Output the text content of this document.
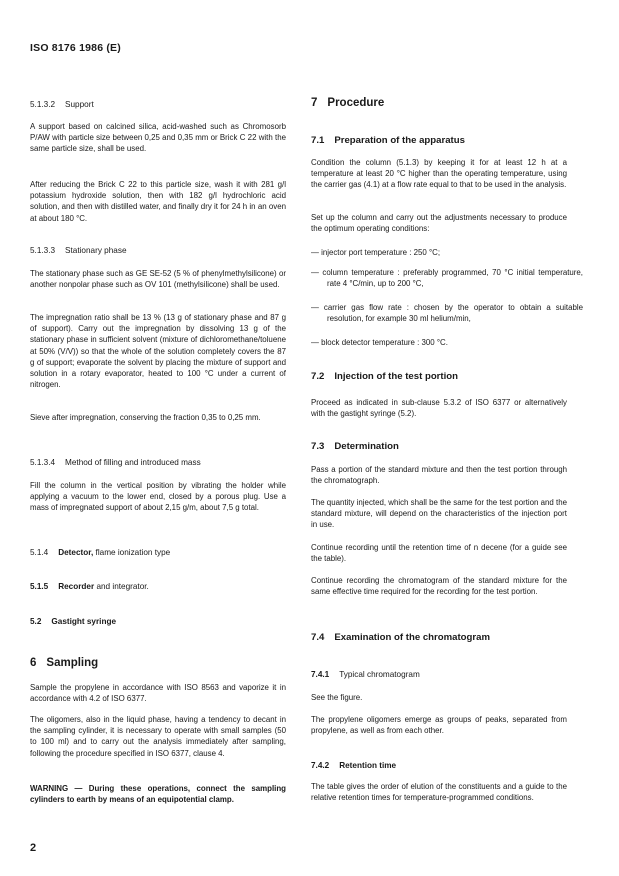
ISO 8176 1986 (E)
5.1.3.2 Support
A support based on calcined silica, acid-washed such as Chromosorb P/AW with particle size between 0,25 and 0,35 mm or Brick C 22 with the same particle size, shall be used.
After reducing the Brick C 22 to this particle size, wash it with 281 g/l potassium hydroxide solution, then with 182 g/l hydrochloric acid solution, and then with distilled water, and finally dry it for 24 h in an oven at about 180 °C.
5.1.3.3 Stationary phase
The stationary phase such as GE SE-52 (5 % of phenylmethylsilicone) or another nonpolar phase such as OV 101 (methylsilicone) shall be used.
The impregnation ratio shall be 13 % (13 g of stationary phase and 87 g of support). Carry out the impregnation by dissolving 13 g of the stationary phase in sufficient solvent (mixture of dichloromethane/toluene at 50% (V/V)) so that the whole of the solution completely covers the 87 g of support; evaporate the solvent by placing the mixture of support and solution in a rotary evaporator, heated to 100 °C under a current of nitrogen.
Sieve after impregnation, conserving the fraction 0,35 to 0,25 mm.
5.1.3.4 Method of filling and introduced mass
Fill the column in the vertical position by vibrating the holder while applying a vacuum to the lower end, closed by a porous plug. Use a mass of impregnated support of about 2,15 g/m, about 7,5 g total.
5.1.4 Detector, flame ionization type
5.1.5 Recorder and integrator.
5.2 Gastight syringe
6 Sampling
Sample the propylene in accordance with ISO 8563 and vaporize it in accordance with 4.2 of ISO 6377.
The oligomers, also in the liquid phase, having a tendency to decant in the sampling cylinder, it is necessary to operate with small samples (50 to 100 ml) and to carry out the analysis immediately after sampling, following the procedure specified in ISO 6377, clause 4.
WARNING — During these operations, connect the sampling cylinders to earth by means of an equipotential clamp.
7 Procedure
7.1 Preparation of the apparatus
Condition the column (5.1.3) by keeping it for at least 12 h at a temperature at least 20 °C higher than the operating temperature, using the carrier gas (4.1) at a flow rate equal to that to be used in the analysis.
Set up the column and carry out the adjustments necessary to produce the optimum operating conditions:
— injector port temperature : 250 °C;
— column temperature : preferably programmed, 70 °C initial temperature, rate 4 °C/min, up to 200 °C,
— carrier gas flow rate : chosen by the operator to obtain a suitable resolution, for example 30 ml helium/min,
— block detector temperature : 300 °C.
7.2 Injection of the test portion
Proceed as indicated in sub-clause 5.3.2 of ISO 6377 or alternatively with the gastight syringe (5.2).
7.3 Determination
Pass a portion of the standard mixture and then the test portion through the chromatograph.
The quantity injected, which shall be the same for the test portion and the standard mixture, will depend on the characteristics of the injection port in use.
Continue recording until the retention time of n decene (for a guide see the table).
Continue recording the chromatogram of the standard mixture for the same effective time required for the recording for the test portion.
7.4 Examination of the chromatogram
7.4.1 Typical chromatogram
See the figure.
The propylene oligomers emerge as groups of peaks, separated from propylene, as well as from each other.
7.4.2 Retention time
The table gives the order of elution of the constituents and a guide to the relative retention times for temperature-programmed conditions.
2
